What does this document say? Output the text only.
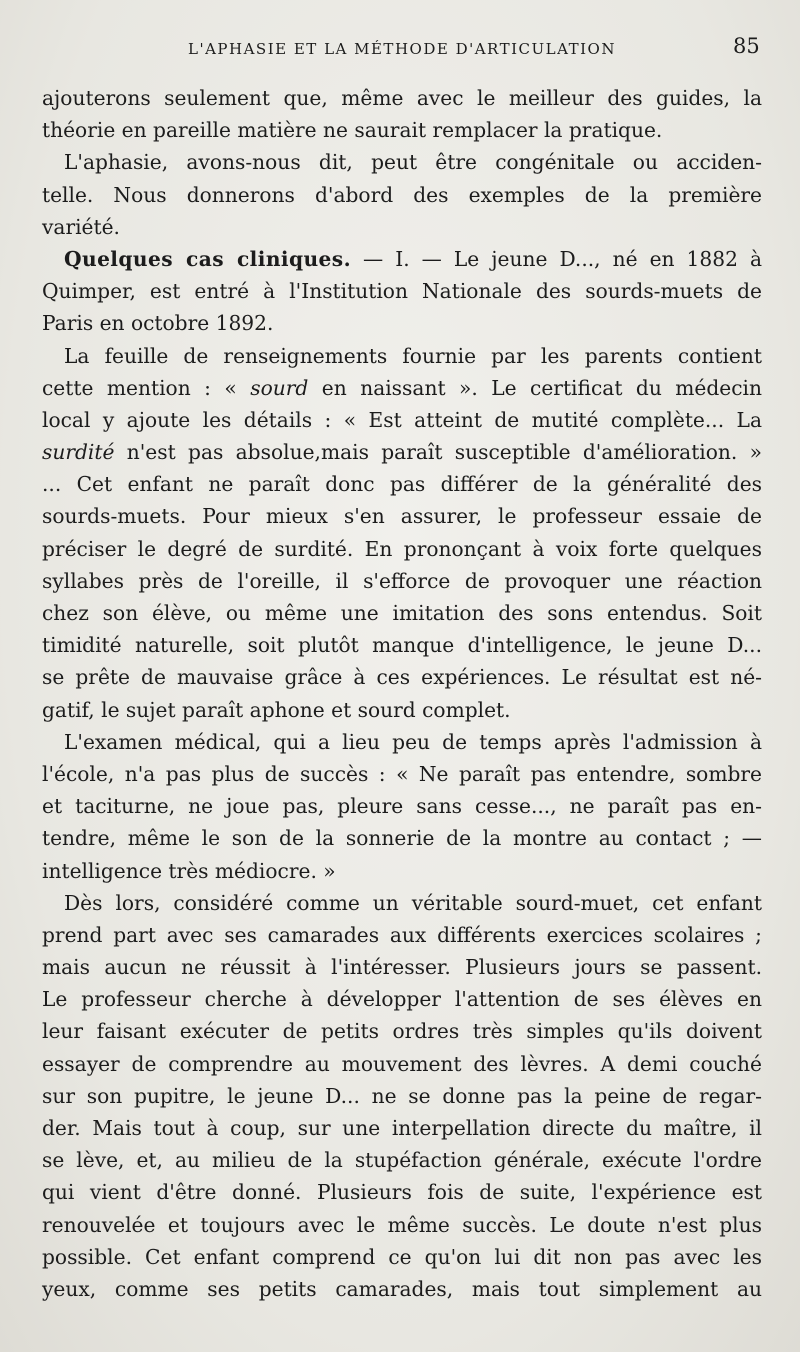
L'APHASIE ET LA MÉTHODE D'ARTICULATION	85

ajouterons seulement que, même avec le meilleur des guides, la
théorie en pareille matière ne saurait remplacer la pratique.

L'aphasie, avons-nous dit, peut être congénitale ou acciden-
telle. Nous donnerons d'abord des exemples de la première
variété.

Quelques cas cliniques. — I. — Le jeune D..., né en 1882 à
Quimper, est entré à l'Institution Nationale des sourds-muets de
Paris en octobre 1892.

La feuille de renseignements fournie par les parents contient
cette mention : « sourd en naissant ». Le certificat du médecin
local y ajoute les détails : « Est atteint de mutité complète... La
surdité n'est pas absolue,mais paraît susceptible d'amélioration. »
... Cet enfant ne paraît donc pas différer de la généralité des
sourds-muets. Pour mieux s'en assurer, le professeur essaie de
préciser le degré de surdité. En prononçant à voix forte quelques
syllabes près de l'oreille, il s'efforce de provoquer une réaction
chez son élève, ou même une imitation des sons entendus. Soit
timidité naturelle, soit plutôt manque d'intelligence, le jeune D...
se prête de mauvaise grâce à ces expériences. Le résultat est né-
gatif, le sujet paraît aphone et sourd complet.

L'examen médical, qui a lieu peu de temps après l'admission à
l'école, n'a pas plus de succès : « Ne paraît pas entendre, sombre
et taciturne, ne joue pas, pleure sans cesse..., ne paraît pas en-
tendre, même le son de la sonnerie de la montre au contact ; —
intelligence très médiocre. »

Dès lors, considéré comme un véritable sourd-muet, cet enfant
prend part avec ses camarades aux différents exercices scolaires ;
mais aucun ne réussit à l'intéresser. Plusieurs jours se passent.
Le professeur cherche à développer l'attention de ses élèves en
leur faisant exécuter de petits ordres très simples qu'ils doivent
essayer de comprendre au mouvement des lèvres. A demi couché
sur son pupitre, le jeune D... ne se donne pas la peine de regar-
der. Mais tout à coup, sur une interpellation directe du maître, il
se lève, et, au milieu de la stupéfaction générale, exécute l'ordre
qui vient d'être donné. Plusieurs fois de suite, l'expérience est
renouvelée et toujours avec le même succès. Le doute n'est plus
possible. Cet enfant comprend ce qu'on lui dit non pas avec les
yeux, comme ses petits camarades, mais tout simplement au
